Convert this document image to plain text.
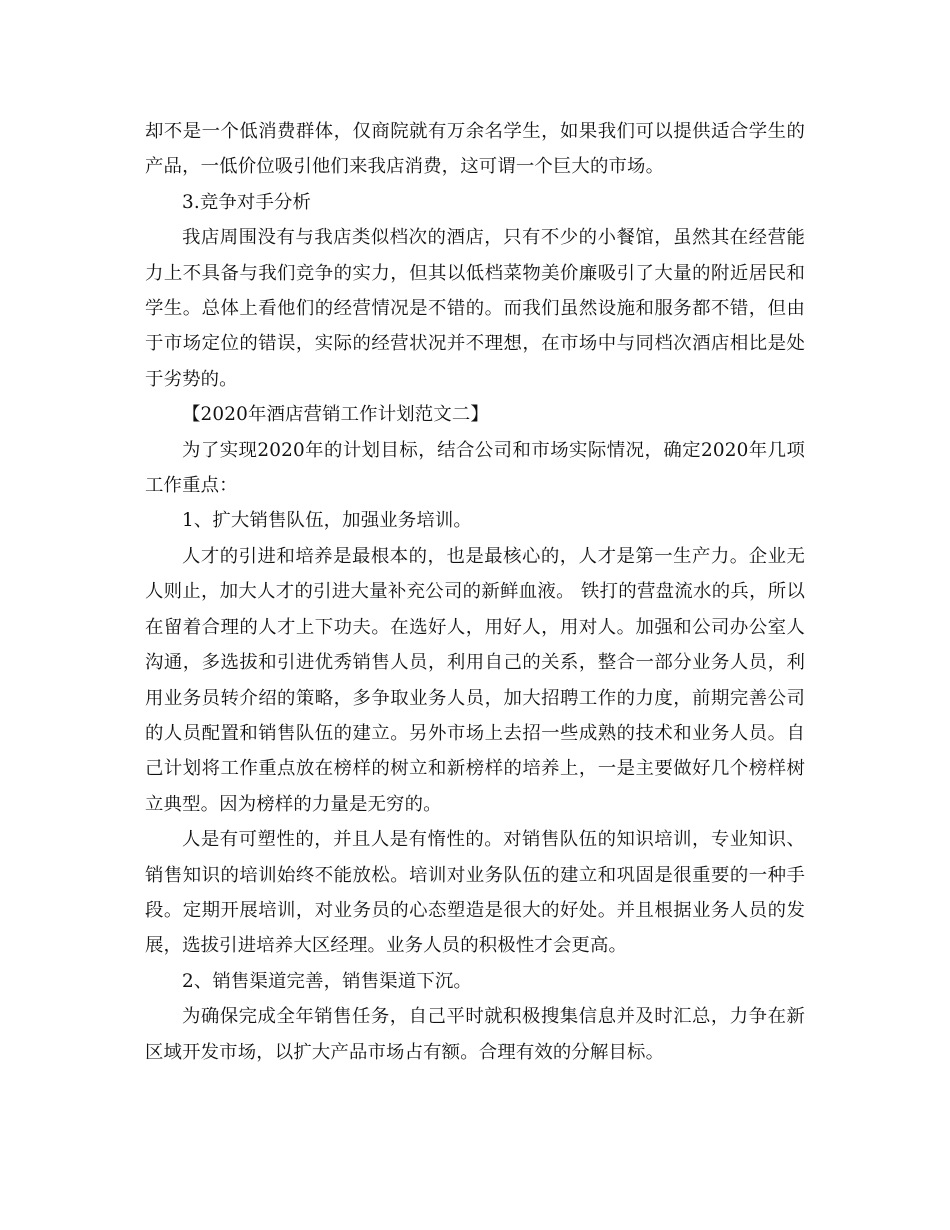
却不是一个低消费群体，仅商院就有万余名学生，如果我们可以提供适合学生的产品，一低价位吸引他们来我店消费，这可谓一个巨大的市场。

3.竞争对手分析

我店周围没有与我店类似档次的酒店，只有不少的小餐馆，虽然其在经营能力上不具备与我们竞争的实力，但其以低档菜物美价廉吸引了大量的附近居民和学生。总体上看他们的经营情况是不错的。而我们虽然设施和服务都不错，但由于市场定位的错误，实际的经营状况并不理想，在市场中与同档次酒店相比是处于劣势的。

【2020年酒店营销工作计划范文二】

为了实现2020年的计划目标，结合公司和市场实际情况，确定2020年几项工作重点：

1、扩大销售队伍，加强业务培训。

人才的引进和培养是最根本的，也是最核心的，人才是第一生产力。企业无人则止，加大人才的引进大量补充公司的新鲜血液。 铁打的营盘流水的兵，所以在留着合理的人才上下功夫。在选好人，用好人，用对人。加强和公司办公室人沟通，多选拔和引进优秀销售人员，利用自己的关系，整合一部分业务人员，利用业务员转介绍的策略，多争取业务人员，加大招聘工作的力度，前期完善公司的人员配置和销售队伍的建立。另外市场上去招一些成熟的技术和业务人员。自己计划将工作重点放在榜样的树立和新榜样的培养上，一是主要做好几个榜样树立典型。因为榜样的力量是无穷的。

人是有可塑性的，并且人是有惰性的。对销售队伍的知识培训，专业知识、销售知识的培训始终不能放松。培训对业务队伍的建立和巩固是很重要的一种手段。定期开展培训，对业务员的心态塑造是很大的好处。并且根据业务人员的发展，选拔引进培养大区经理。业务人员的积极性才会更高。

2、销售渠道完善，销售渠道下沉。

为确保完成全年销售任务，自己平时就积极搜集信息并及时汇总，力争在新区域开发市场，以扩大产品市场占有额。合理有效的分解目标。
